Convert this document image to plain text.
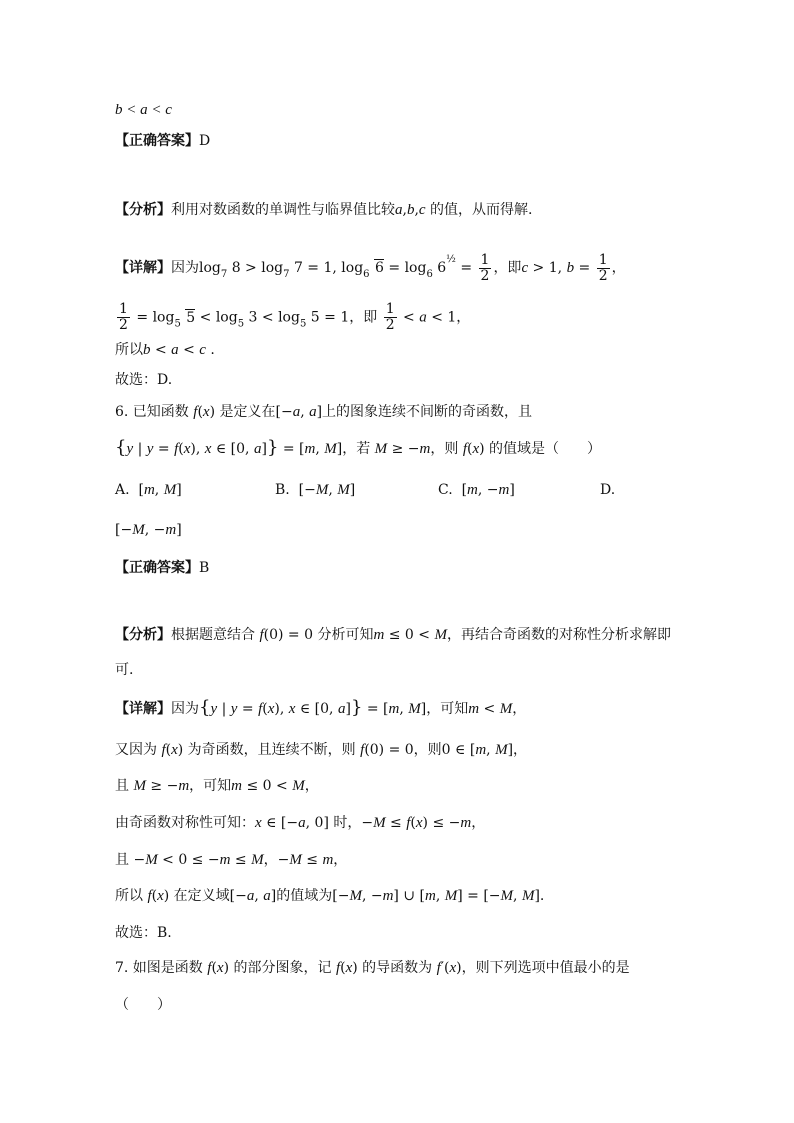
b < a < c
【正确答案】D
【分析】利用对数函数的单调性与临界值比较a,b,c 的值，从而得解.
【详解】因为$\log_7 8 > \log_7 7 = 1$, $\log_6 6 = \log_6 6^{\frac{1}{2}} = \frac{1}{2}$ ，即c > 1, $b = \frac{1}{2}$ ，
$\frac{1}{2} = \log_5 5 < \log_5 3 < \log_5 5 = 1$，即 $\frac{1}{2} < a < 1$，
所以b < a < c .
故选：D.
6. 已知函数 f(x) 是定义在[−a, a]上的图象连续不间断的奇函数，且
{y | y = f(x), x ∈ [0, a]} = [m, M]，若 M ≥ −m，则 f(x) 的值域是（　　）
A.  [m, M]	B.  [−M, M]	C.  [m, −m]	D.
[−M, −m]
【正确答案】B
【分析】根据题意结合 f(0) = 0 分析可知m ≤ 0 < M，再结合奇函数的对称性分析求解即
可.
【详解】因为{y | y = f(x), x ∈ [0, a]} = [m, M]，可知m < M，
又因为 f(x) 为奇函数，且连续不断，则 f(0) = 0，则0 ∈ [m, M]，
且 M ≥ −m，可知m ≤ 0 < M，
由奇函数对称性可知：x ∈ [−a, 0] 时，−M ≤ f(x) ≤ −m，
且 −M < 0 ≤ −m ≤ M，−M ≤ m，
所以 f(x) 在定义域[−a, a]的值域为[−M, −m] ∪ [m, M] = [−M, M].
故选：B.
7. 如图是函数 f(x) 的部分图象，记 f(x) 的导函数为 f′(x)，则下列选项中值最小的是
（　　）
